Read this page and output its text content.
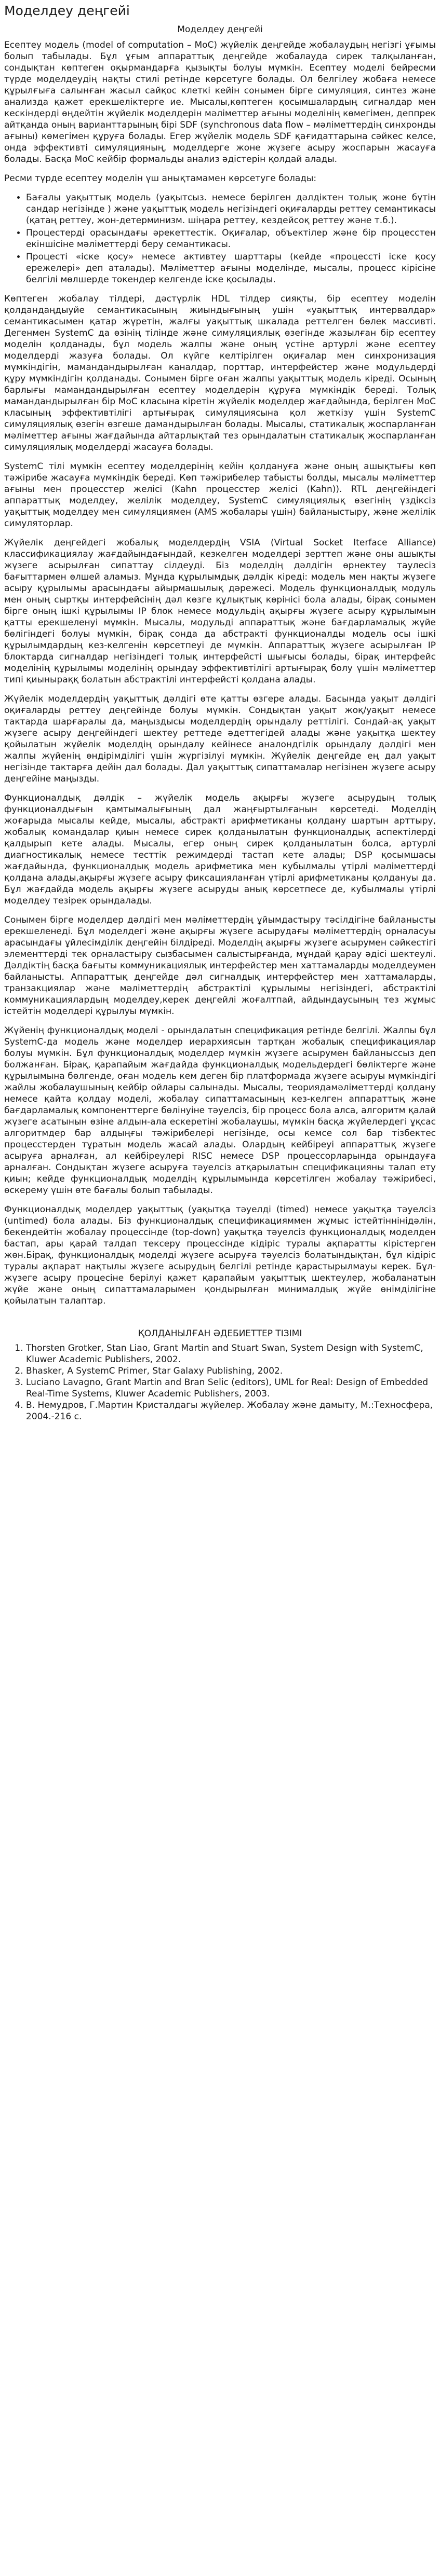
Моделдеу деңгейі
Моделдеу деңгейі

Есептеу модель (model of computation – MoC) жүйелік деңгейде жобалаудың негізгі ұғымы болып табылады. Бұл ұғым аппараттық деңгейде жобалауда сирек талқыланған, сондықтан көптеген оқырмандарға қызықты болуы мүмкін. Есептеу моделі бейресми түрде моделдеудің нақты стилі ретінде көрсетуге болады. Ол белгілеу жобаға немесе құрылғыға салынған жасыл сайқос клеткі кейін сонымен бірге симуляция, синтез және анализда қажет ерекшеліктерге ие. Мысалы,көптеген қосымшалардың сигналдар мен кескіндерді өңдейтін жүйелік моделдерін мәліметтер ағыны моделінің көмегімен, деппрек айтқанда оның варианттарының бірі SDF (synchronous data flow – мәліметтердің синхронды ағыны) көмегімен құруға болады. Егер жүйелік модель SDF қағидаттарына сәйкес келсе, онда эффективті симуляцияның, моделдерге жоне жүзеге асыру жоспарын жасауға болады. Басқа MoC кейбір формальды анализ әдістерін қолдай алады.

Ресми түрде есептеу моделін үш анықтамамен көрсетуге болады:

• Бағалы уақыттық модель (уақытсыз. немесе берілген дәлдіктен толық жоне бүтін сандар негізінде ) және уақыттық модель негізіндегі оқиғаларды реттеу семантикасы (қатаң реттеу, жон-детерминизм. шіңара реттеу, кездейсоқ реттеу және т.б.).
• Процестерді орасындағы әрекеттестік. Оқиғалар, объектілер және бір процесстен екіншісіне мәліметтерді беру семантикасы.
• Процесті «іске қосу» немесе активтеу шарттары (кейде «процесстi іске қосу ережелері» деп аталады). Мәліметтер ағыны моделінде, мысалы, процесс кірісіне белгілі мөлшерде токендер келгенде іске қосылады.

Көптеген жобалау тілдері, дәстүрлік HDL тілдер сияқты, бір есептеу моделін қолдандаңдыуйе семантикасының жиындығының ушін «уақыттық интервалдар» семантикасымен қатар жүретін, жалғы уақыттық шкалада реттелген бөлек массивті. Дегенмен SystemC да өзінің тілінде және симуляциялық өзегінде жазылған бір есептеу моделін қолданады, бұл модель жалпы және оның үстіне артурлі және есептеу моделдерді жазуға болады. Ол күйге келтірілген оқиғалар мен синхронизация мүмкіндігін, мамандандырылған каналдар, порттар, интерфейстер және модульдерді құру мүмкіндігін қолданады. Сонымен бірге оған жалпы уақыттық модель кіреді. Осының барлығы мамандандырылған есептеу моделдерін құруға мүмкіндік береді. Толық мамандандырылған бір MoC класына кіретін жүйелік моделдер жағдайында, берілген MoC класының эффективтілігі артығырақ симуляциясына қол жеткізу үшін SystemC симуляциялық өзегін өзгеше дамандырылған болады. Мысалы, статикалық жоспарланған мәліметтер ағыны жағдайында айтарлықтай тез орындалатын статикалық жоспарланған симуляциялық моделдерді жасауға болады.

SystemC тілі мүмкін есептеу моделдерінің кейін қолдануға және оның ашықтығы көп тәжірибе жасауға мүмкіндік береді. Көп тәжірибелер табысты болды, мысалы мәліметтер ағыны мен процесстер желісі (Kahn процесстер желісі (Kahn)). RTL деңгейіндегі аппараттық моделдеу, желілік моделдеу, SystemC симуляциялық өзегінің үздіксіз уақыттық моделдеу мен симуляциямен (AMS жобалары үшін) байланыстыру, және желілік симуляторлар.

Жүйелік деңгейдегі жобалық моделдердің VSIA (Virtual Socket Iterface Alliance) классификациялау жағдайындағындай, кезкелген моделдері зерттеп және оны ашықты жүзеге асырылған сипаттау сілдеуді. Біз моделдің дәлдігін өрнектеу таулесіз бағыттармен өлшей аламыз. Мұнда құрылымдық дәлдік кіреді: модель мен нақты жүзеге асыру құрылымы арасындағы айырмашылық дәрежесі. Модель функционалдық модуль мен оның сыртқы интерфейсінің дәл көзге құлықтық көрінісі бола алады, бірақ сонымен бірге оның ішкі құрылымы IP блок немесе модульдің ақырғы жүзеге асыру құрылымын қатты ерекшеленуі мүмкін. Мысалы, модульді аппараттық және бағдарламалық жүйе бөлігіндегі болуы мүмкін, бірақ сонда да абстракті функционалды модель осы ішкі құрылымдардың кез-келгенін көрсетпеуі де мүмкін. Аппараттық жүзеге асырылған IP блоктарда сигналдар негізіндегі толық интерфейсті шығысы болады, бірақ интерфейс моделінің құрылымы моделінің орындау эффективтілігі артығырақ болу үшін мәліметтер типі қиыныраққ болатын абстрактілі интерфейсті қолдана алады.

Жүйелік моделдердің уақыттық дәлдігі өте қатты өзгере алады. Басында уақыт дәлдігі оқиғаларды реттеу деңгейінде болуы мүмкін. Сондықтан уақыт жоқ/уақыт немесе тактарда шарғаралы да, маңыздысы моделдердің орындалу реттілігі. Сондай-ақ уақыт жүзеге асыру деңгейіндегі шектеу реттеде әдеттегідей алады және уақытқа шектеу қойылатын жүйелік моделдің орындалу кейінесе аналондгілік орындалу дәлдігі мен жалпы жүйенің өндірімділігі үшін жүргізілуі мүмкін. Жүйелік деңгейде ең дал уақыт негізінде тактарға дейін дал болады. Дал уақыттық сипаттамалар негізінен жүзеге асыру деңгейіне маңызды.

Функционалдық дәлдік – жүйелік модель ақырғы жүзеге асырудың толық функционалдығын қамтымалығының дал жаңғыртылғанын көрсетеді. Моделдің жоғарыда мысалы кейде, мысалы, абстракті арифметиканы қолдану шартын арттыру, жобалық командалар қиын немесе сирек қолданылатын функционалдық аспектілерді қалдырып кете алады. Мысалы, егер оның сирек қолданылатын болса, артурлі диагностикалық немесе тесттік режимдерді тастап кете алады; DSP қосымшасы жағдайында, функционалдық модель арифметика мен кубылмалы үтірлі мәліметтерді қолдана алады,ақырғы жүзеге асыру фиксацияланған үтірлі арифметиканы қолдануы да. Бұл жағдайда модель ақырғы жүзеге асыруды анық көрсетпесе де, кубылмалы үтірлі моделдеу тезірек орындалады.

Сонымен бірге моделдер дәлдігі мен мәліметтердің ұйымдастыру тәсілдігіне байланысты ерекшеленеді. Бұл моделдегі және ақырғы жүзеге асырудағы мәліметтердің орналасуы арасындағы ұйлесімділік деңгейін білдіреді. Моделдің ақырғы жүзеге асырумен сәйкестігі элементтерді тек орналастыру сызбасымен салыстырғанда, мұндай қарау әдісі шектеулі. Дәлдіктің басқа бағыты коммуникациялық интерфейстер мен хаттамаларды моделдеумен байланысты. Аппараттық деңгейде дәл сигналдық интерфейстер мен хаттамаларды, транзакциялар және мәліметтердің абстрактілі құрылымы негізіндегі, абстрактілі коммуникациялардың моделдеу,керек деңгейлі жоғалтпай, айдындаусының тез жұмыс істейтін моделдері құрылуы мүмкін.

Жүйенің функционалдық моделі - орындалатын спецификация ретінде белгілі. Жалпы бұл SystemC-да модель және моделдер иерархиясын тартқан жобалық спецификациялар болуы мүмкін. Бұл функционалдық моделдер мүмкін жүзеге асырумен байланыссыз деп болжанған. Бірақ, қарапайым жағдайда функционалдық модельдердегі бөліктерге және құрылымына бөлгенде, оған модель кем деген бір платформада жүзеге асыруы мүмкіндігі жайлы жобалаушының кейбір ойлары салынады. Мысалы, теориядамәліметтерді қолдану немесе қайта қолдау моделі, жобалау сипаттамасының кез-келген аппараттық және бағдарламалық компоненттерге бөлінуіне тәуелсіз, бір процесс бола алса, алгоритм қалай жүзеге асатынын өзіне алдын-ала ескеретіні жобалаушы, мүмкін басқа жүйелердегі ұқсас алгоритмдер бар алдыңғы тәжірибелері негізінде, осы кемсе сол бар тізбектес процесстерден тұратын модель жасай алады. Олардың кейбіреуі аппараттық жүзеге асыруға арналған, ал кейбіреулері RISC немесе DSP процессорларында орындауға арналған. Сондықтан жүзеге асыруға тәуелсіз атқарылатын спецификацияны талап ету қиын; кейде функционалдық моделдің құрылымында көрсетілген жобалау тәжірибесі, өскерему үшін өте бағалы болып табылады.

Функционалдық моделдер уақыттық (уақытқа тәуелді (timed) немесе уақытқа тәуелсіз (untimed) бола алады. Біз функционалдық спецификацияммен жұмыс істейтіннінідәлін, бекендейтін жобалау процессінде (top-down) уақытқа тәуелсіз функционалдық моделден бастап, ары қарай талдап тексеру процессінде кідіріс туралы ақпаратты кірістерген жөн.Бірақ, функционалдық моделді жүзеге асыруға тәуелсіз болатындықтан, бұл кідіріс туралы ақпарат нақтылы жүзеге асырудың белгілі ретінде қарастырылмауы керек. Бұл- жүзеге асыру процесіне берілуі қажет қарапайым уақыттық шектеулер, жобаланатын жүйе және оның сипаттамаларымен қондырылған минималдық жүйе өнімділігіне қойылатын талаптар.

ҚОЛДАНЫЛҒАН ӘДЕБИЕТТЕР ТІЗІМІ
1. Thorsten Grotker, Stan Liao, Grant Martin and Stuart Swan, System Design with SystemC, Kluwer Academic Publishers, 2002.
2. Bhasker, A SystemC Primer, Star Galaxy Publishing, 2002.
3. Luciano Lavagno, Grant Martin and Bran Selic (editors), UML for Real: Design of Embedded Real-Time Systems, Kluwer Academic Publishers, 2003.
4. В. Немудров, Г.Мартин Кристалдагы жүйелер. Жобалау және дамыту, М.:Техносфера, 2004.-216 с.
